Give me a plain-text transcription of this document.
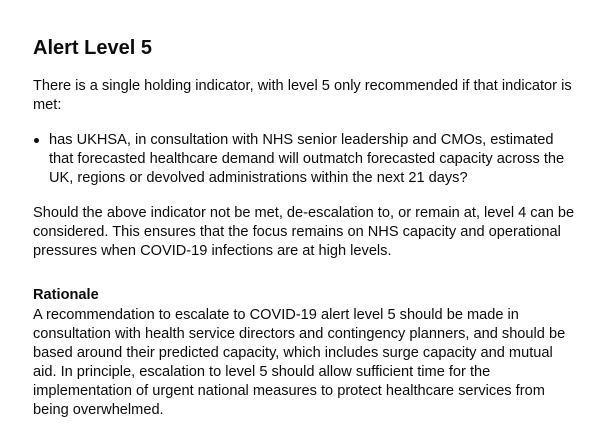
Alert Level 5

There is a single holding indicator, with level 5 only recommended if that indicator is met:

has UKHSA, in consultation with NHS senior leadership and CMOs, estimated that forecasted healthcare demand will outmatch forecasted capacity across the UK, regions or devolved administrations within the next 21 days?

Should the above indicator not be met, de-escalation to, or remain at, level 4 can be considered. This ensures that the focus remains on NHS capacity and operational pressures when COVID-19 infections are at high levels.

Rationale

A recommendation to escalate to COVID-19 alert level 5 should be made in consultation with health service directors and contingency planners, and should be based around their predicted capacity, which includes surge capacity and mutual aid. In principle, escalation to level 5 should allow sufficient time for the implementation of urgent national measures to protect healthcare services from being overwhelmed.
